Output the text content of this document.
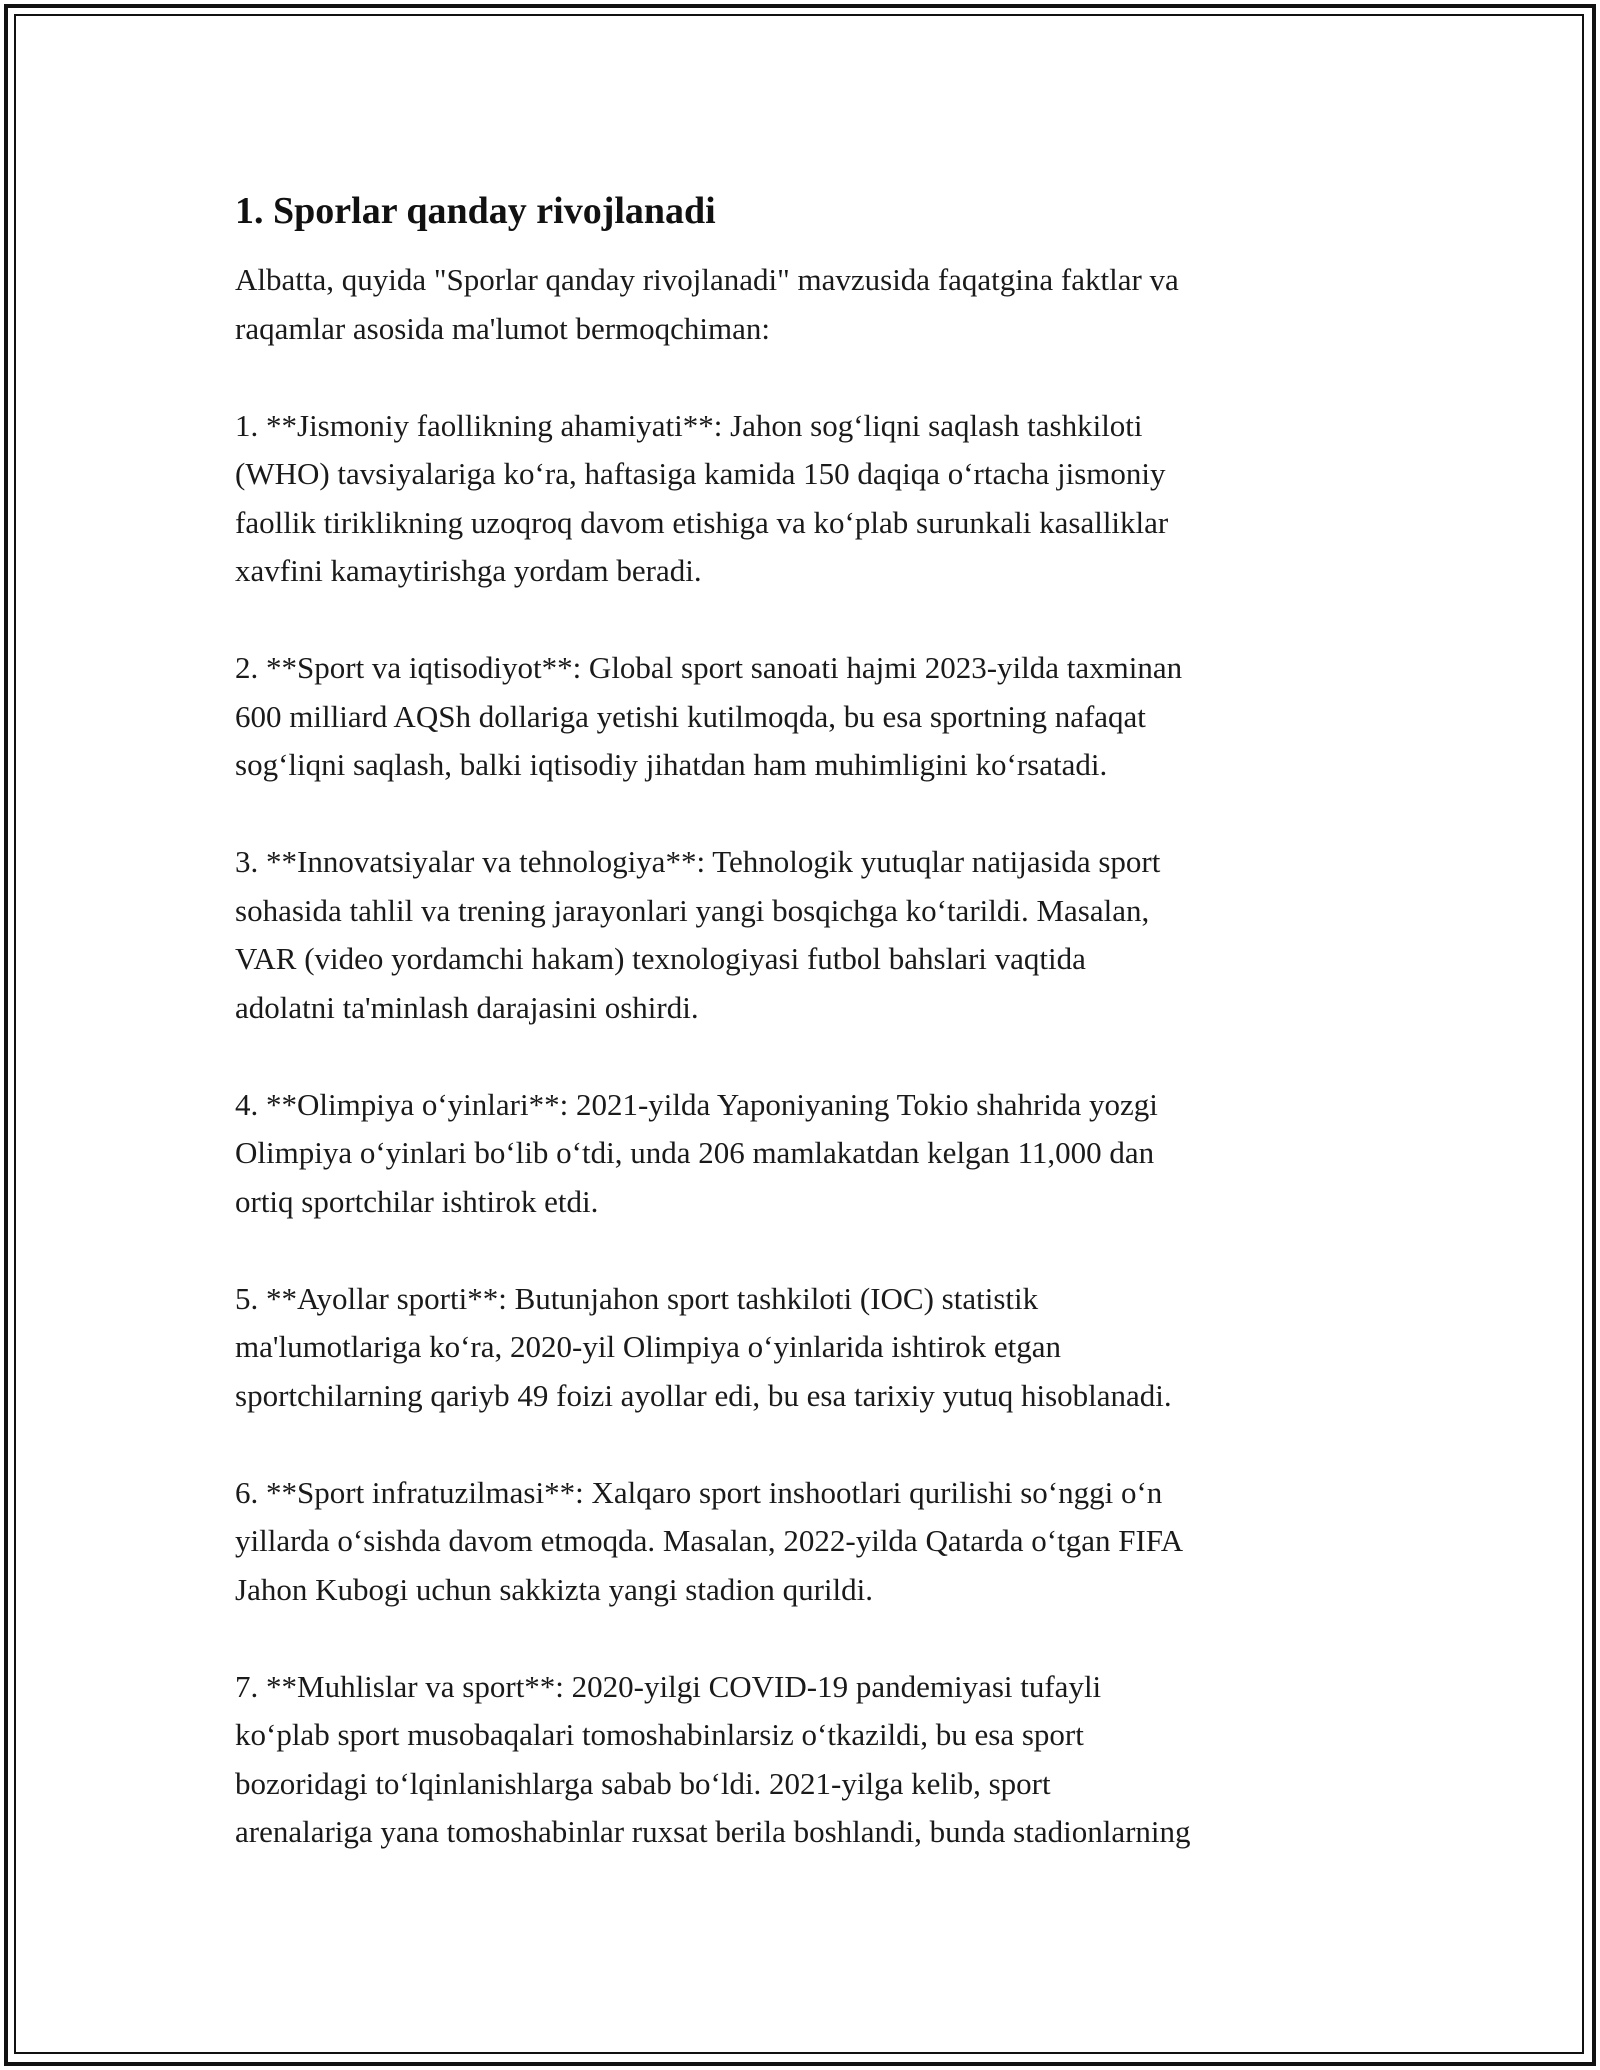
1. Sporlar qanday rivojlanadi

Albatta, quyida "Sporlar qanday rivojlanadi" mavzusida faqatgina faktlar va
raqamlar asosida ma'lumot bermoqchiman:

1. **Jismoniy faollikning ahamiyati**: Jahon sog‘liqni saqlash tashkiloti
(WHO) tavsiyalariga ko‘ra, haftasiga kamida 150 daqiqa o‘rtacha jismoniy
faollik tiriklikning uzoqroq davom etishiga va ko‘plab surunkali kasalliklar
xavfini kamaytirishga yordam beradi.

2. **Sport va iqtisodiyot**: Global sport sanoati hajmi 2023-yilda taxminan
600 milliard AQSh dollariga yetishi kutilmoqda, bu esa sportning nafaqat
sog‘liqni saqlash, balki iqtisodiy jihatdan ham muhimligini ko‘rsatadi.

3. **Innovatsiyalar va tehnologiya**: Tehnologik yutuqlar natijasida sport
sohasida tahlil va trening jarayonlari yangi bosqichga ko‘tarildi. Masalan,
VAR (video yordamchi hakam) texnologiyasi futbol bahslari vaqtida
adolatni ta'minlash darajasini oshirdi.

4. **Olimpiya o‘yinlari**: 2021-yilda Yaponiyaning Tokio shahrida yozgi
Olimpiya o‘yinlari bo‘lib o‘tdi, unda 206 mamlakatdan kelgan 11,000 dan
ortiq sportchilar ishtirok etdi.

5. **Ayollar sporti**: Butunjahon sport tashkiloti (IOC) statistik
ma'lumotlariga ko‘ra, 2020-yil Olimpiya o‘yinlarida ishtirok etgan
sportchilarning qariyb 49 foizi ayollar edi, bu esa tarixiy yutuq hisoblanadi.

6. **Sport infratuzilmasi**: Xalqaro sport inshootlari qurilishi so‘nggi o‘n
yillarda o‘sishda davom etmoqda. Masalan, 2022-yilda Qatarda o‘tgan FIFA
Jahon Kubogi uchun sakkizta yangi stadion qurildi.

7. **Muhlislar va sport**: 2020-yilgi COVID-19 pandemiyasi tufayli
ko‘plab sport musobaqalari tomoshabinlarsiz o‘tkazildi, bu esa sport
bozoridagi to‘lqinlanishlarga sabab bo‘ldi. 2021-yilga kelib, sport
arenalariga yana tomoshabinlar ruxsat berila boshlandi, bunda stadionlarning
